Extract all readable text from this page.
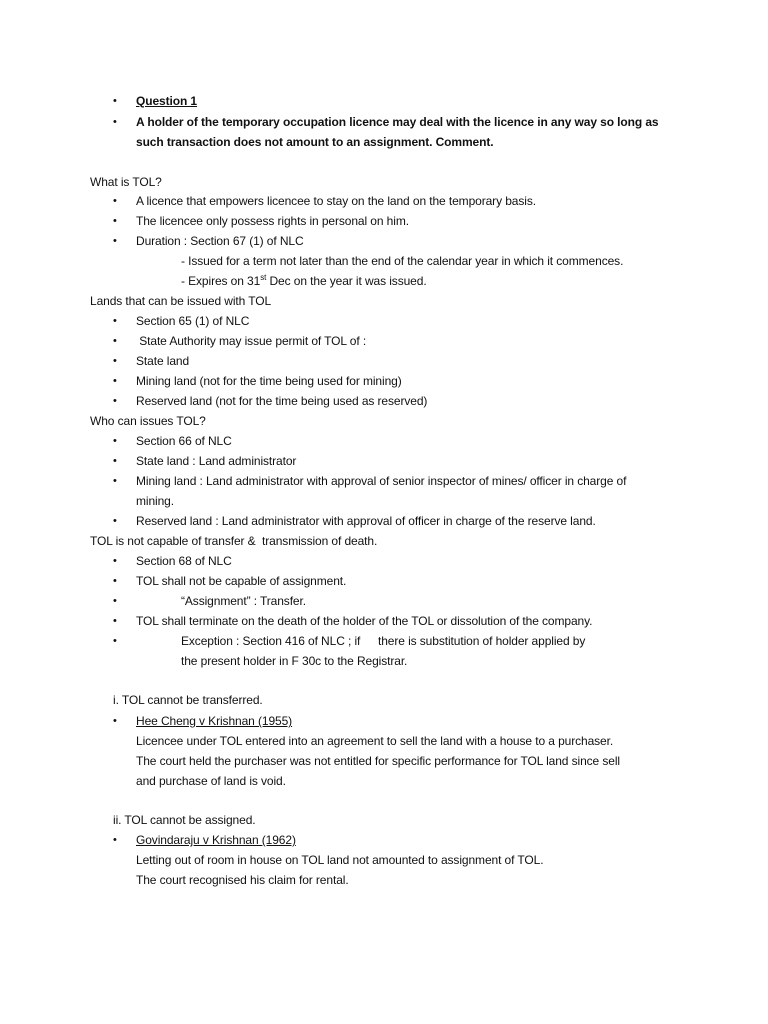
• Question 1
• A holder of the temporary occupation licence may deal with the licence in any way so long as
such transaction does not amount to an assignment. Comment.
What is TOL?
• A licence that empowers licencee to stay on the land on the temporary basis.
• The licencee only possess rights in personal on him.
• Duration : Section 67 (1) of NLC
- Issued for a term not later than the end of the calendar year in which it commences.
- Expires on 31st Dec on the year it was issued.
Lands that can be issued with TOL
• Section 65 (1) of NLC
• State Authority may issue permit of TOL of :
• State land
• Mining land (not for the time being used for mining)
• Reserved land (not for the time being used as reserved)
Who can issues TOL?
• Section 66 of NLC
• State land : Land administrator
• Mining land : Land administrator with approval of senior inspector of mines/ officer in charge of
mining.
• Reserved land : Land administrator with approval of officer in charge of the reserve land.
TOL is not capable of transfer &  transmission of death.
• Section 68 of NLC
• TOL shall not be capable of assignment.
•	“Assignment” : Transfer.
• TOL shall terminate on the death of the holder of the TOL or dissolution of the company.
•	Exception : Section 416 of NLC ; if there is substitution of holder applied by
the present holder in F 30c to the Registrar.
i. TOL cannot be transferred.
• Hee Cheng v Krishnan (1955)
Licencee under TOL entered into an agreement to sell the land with a house to a purchaser.
The court held the purchaser was not entitled for specific performance for TOL land since sell
and purchase of land is void.
ii. TOL cannot be assigned.
• Govindaraju v Krishnan (1962)
Letting out of room in house on TOL land not amounted to assignment of TOL.
The court recognised his claim for rental.
